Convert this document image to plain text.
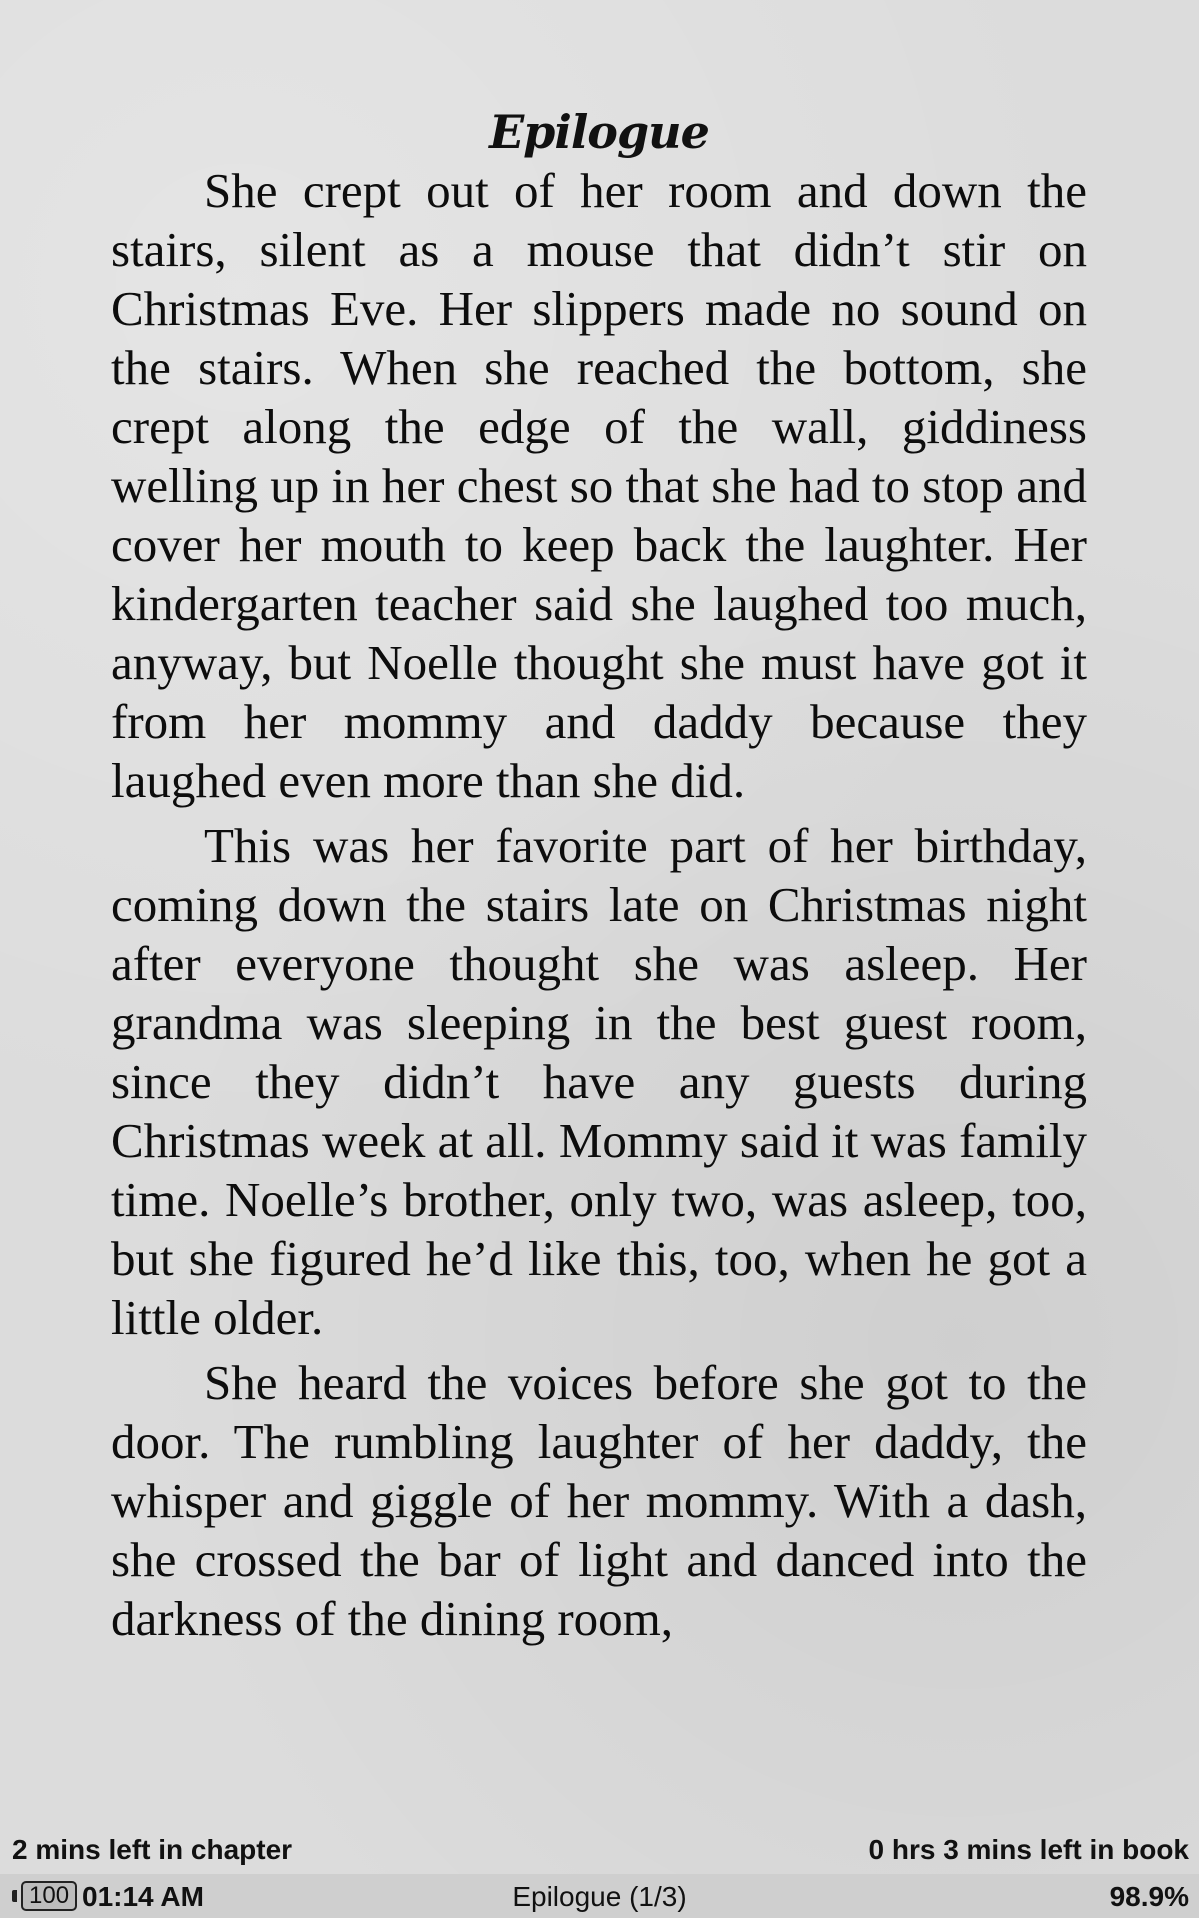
Epilogue

She crept out of her room and down the stairs, silent as a mouse that didn’t stir on Christmas Eve. Her slippers made no sound on the stairs. When she reached the bottom, she crept along the edge of the wall, giddiness welling up in her chest so that she had to stop and cover her mouth to keep back the laughter. Her kindergarten teacher said she laughed too much, anyway, but Noelle thought she must have got it from her mommy and daddy because they laughed even more than she did.

This was her favorite part of her birthday, coming down the stairs late on Christmas night after everyone thought she was asleep. Her grandma was sleeping in the best guest room, since they didn’t have any guests during Christmas week at all. Mommy said it was family time. Noelle’s brother, only two, was asleep, too, but she figured he’d like this, too, when he got a little older.

She heard the voices before she got to the door. The rumbling laughter of her daddy, the whisper and giggle of her mommy. With a dash, she crossed the bar of light and danced into the darkness of the dining room,

2 mins left in chapter	0 hrs 3 mins left in book
100 01:14 AM	Epilogue (1/3)	98.9%
